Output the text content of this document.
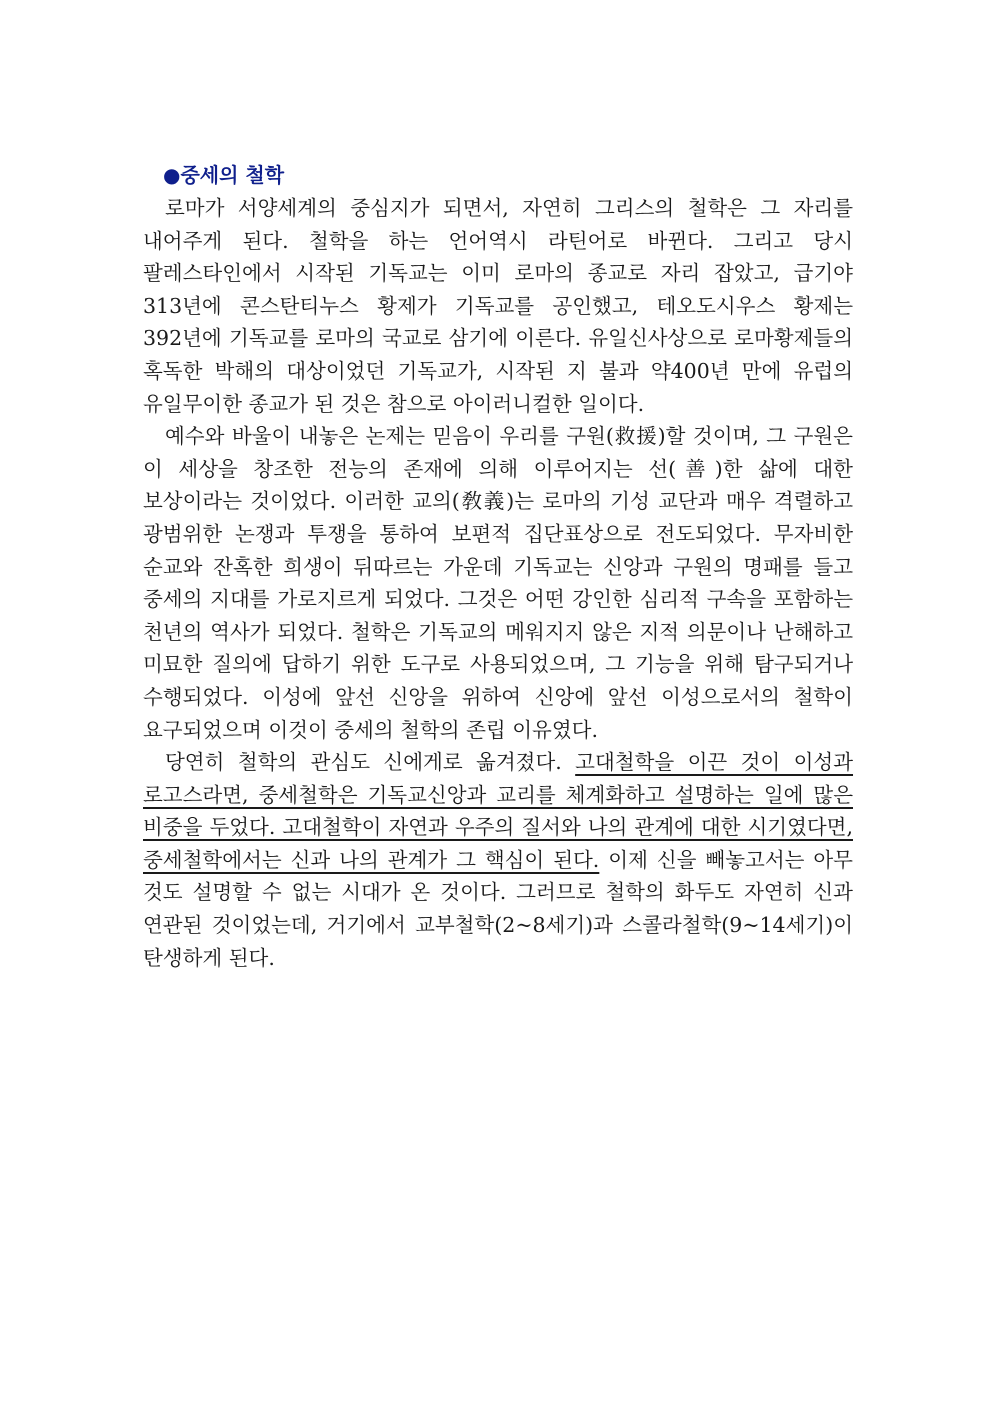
●중세의 철학

로마가 서양세계의 중심지가 되면서, 자연히 그리스의 철학은 그 자리를 내어주게 된다. 철학을 하는 언어역시 라틴어로 바뀐다. 그리고 당시 팔레스타인에서 시작된 기독교는 이미 로마의 종교로 자리 잡았고, 급기야 313년에 콘스탄티누스 황제가 기독교를 공인했고, 테오도시우스 황제는 392년에 기독교를 로마의 국교로 삼기에 이른다. 유일신사상으로 로마황제들의 혹독한 박해의 대상이었던 기독교가, 시작된 지 불과 약400년 만에 유럽의 유일무이한 종교가 된 것은 참으로 아이러니컬한 일이다.

예수와 바울이 내놓은 논제는 믿음이 우리를 구원(救援)할 것이며, 그 구원은 이 세상을 창조한 전능의 존재에 의해 이루어지는 선(善)한 삶에 대한 보상이라는 것이었다. 이러한 교의(敎義)는 로마의 기성 교단과 매우 격렬하고 광범위한 논쟁과 투쟁을 통하여 보편적 집단표상으로 전도되었다. 무자비한 순교와 잔혹한 희생이 뒤따르는 가운데 기독교는 신앙과 구원의 명패를 들고 중세의 지대를 가로지르게 되었다. 그것은 어떤 강인한 심리적 구속을 포함하는 천년의 역사가 되었다. 철학은 기독교의 메워지지 않은 지적 의문이나 난해하고 미묘한 질의에 답하기 위한 도구로 사용되었으며, 그 기능을 위해 탐구되거나 수행되었다. 이성에 앞선 신앙을 위하여 신앙에 앞선 이성으로서의 철학이 요구되었으며 이것이 중세의 철학의 존립 이유였다.

당연히 철학의 관심도 신에게로 옮겨졌다. 고대철학을 이끈 것이 이성과 로고스라면, 중세철학은 기독교신앙과 교리를 체계화하고 설명하는 일에 많은 비중을 두었다. 고대철학이 자연과 우주의 질서와 나의 관계에 대한 시기였다면, 중세철학에서는 신과 나의 관계가 그 핵심이 된다. 이제 신을 빼놓고서는 아무 것도 설명할 수 없는 시대가 온 것이다. 그러므로 철학의 화두도 자연히 신과 연관된 것이었는데, 거기에서 교부철학(2~8세기)과 스콜라철학(9~14세기)이 탄생하게 된다.
